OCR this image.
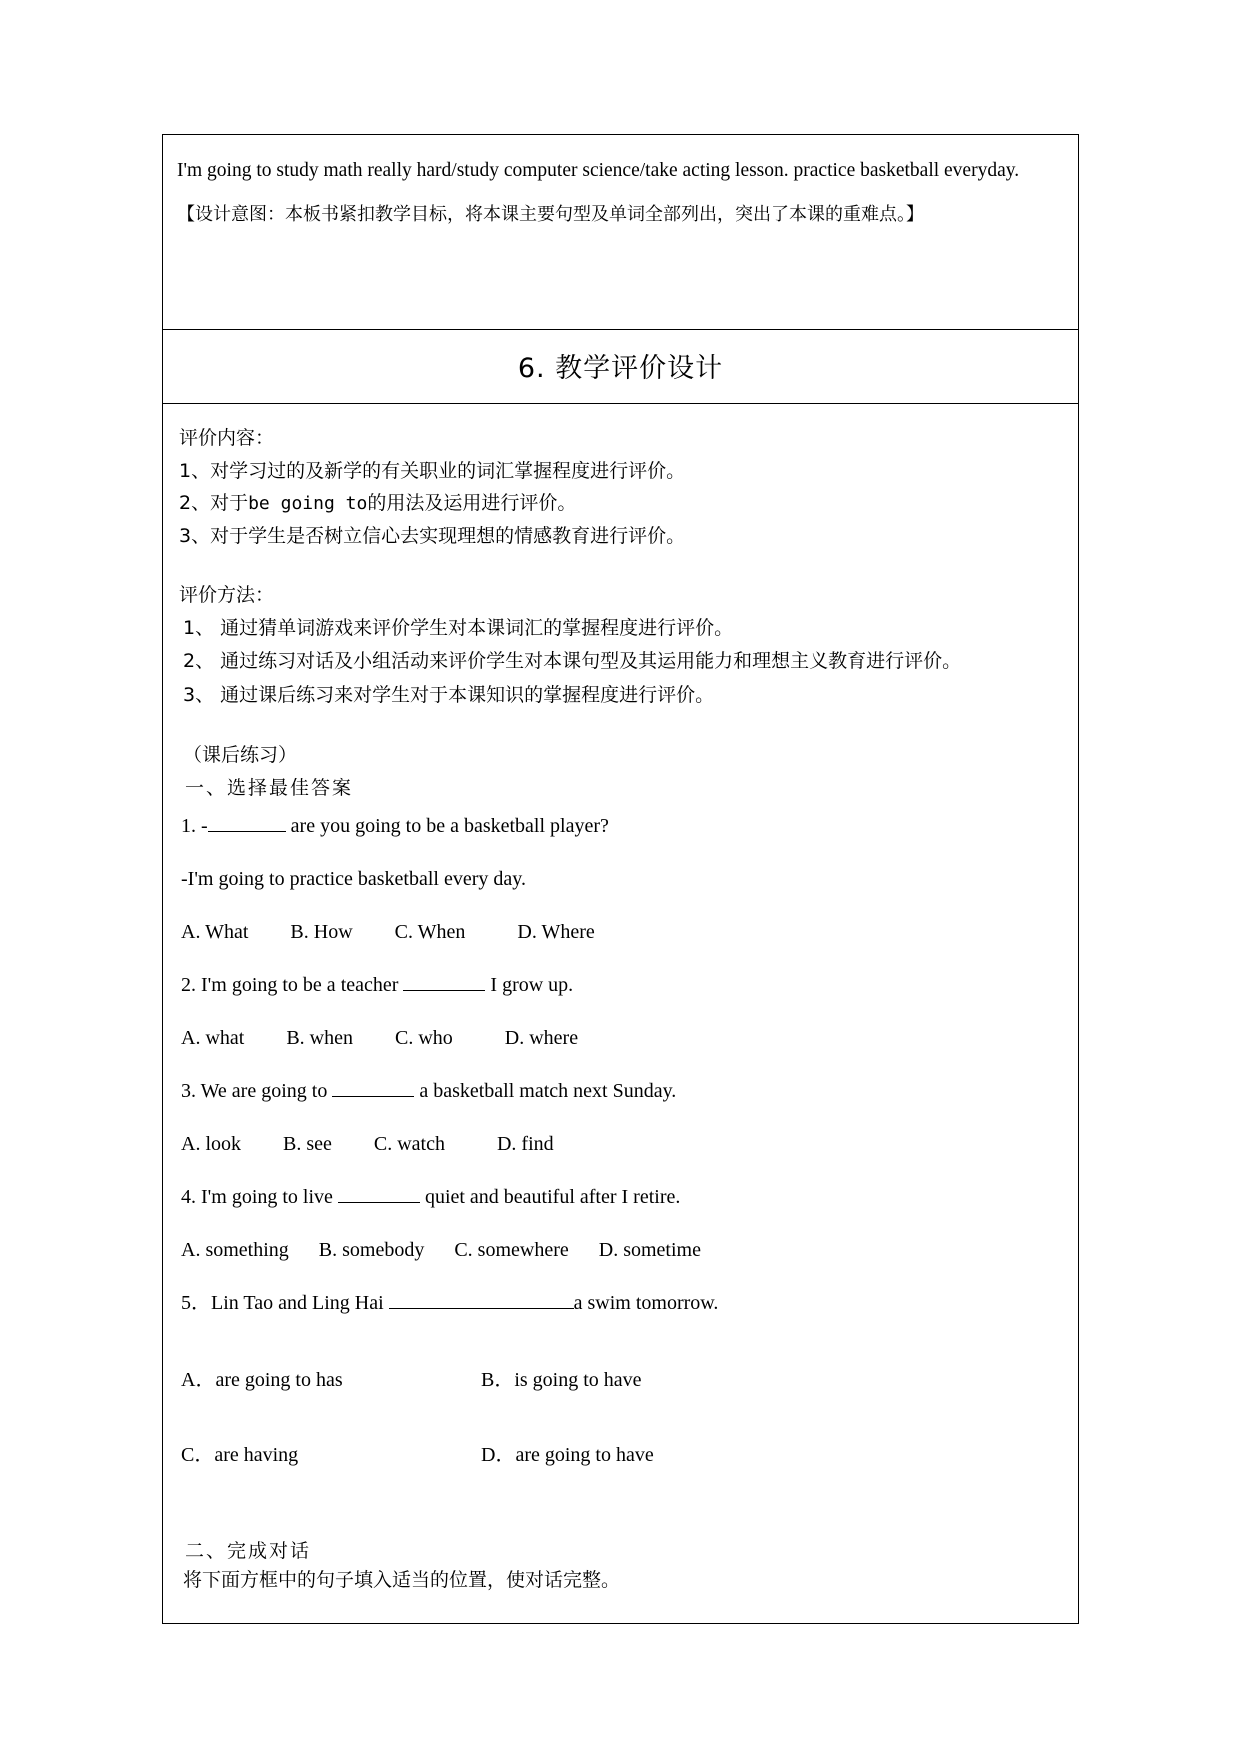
I'm going to study math really hard/study computer science/take acting lesson. practice basketball everyday.

【设计意图：本板书紧扣教学目标，将本课主要句型及单词全部列出，突出了本课的重难点。】

6. 教学评价设计

评价内容：

1、对学习过的及新学的有关职业的词汇掌握程度进行评价。

2、对于be going to的用法及运用进行评价。

3、对于学生是否树立信心去实现理想的情感教育进行评价。

评价方法：

1、 通过猜单词游戏来评价学生对本课词汇的掌握程度进行评价。

2、 通过练习对话及小组活动来评价学生对本课句型及其运用能力和理想主义教育进行评价。

3、 通过课后练习来对学生对于本课知识的掌握程度进行评价。

（课后练习）

一、选择最佳答案

1. -	are you going to be a basketball player?

-I'm going to practice basketball every day.

A. What B. How C. When	D. Where

2. I'm going to be a teacher	I grow up.

A. what B. when C. who	D. where

3. We are going to	a basketball match next Sunday.

A. look B. see C. watch	D. find

4. I'm going to live	quiet and beautiful after I retire.

A. something B. somebody C. somewhere D. sometime

5．Lin Tao and Ling Hai	a swim tomorrow.

A．are going to has	B．is going to have

C．are having	D．are going to have

二、完成对话

将下面方框中的句子填入适当的位置，使对话完整。
